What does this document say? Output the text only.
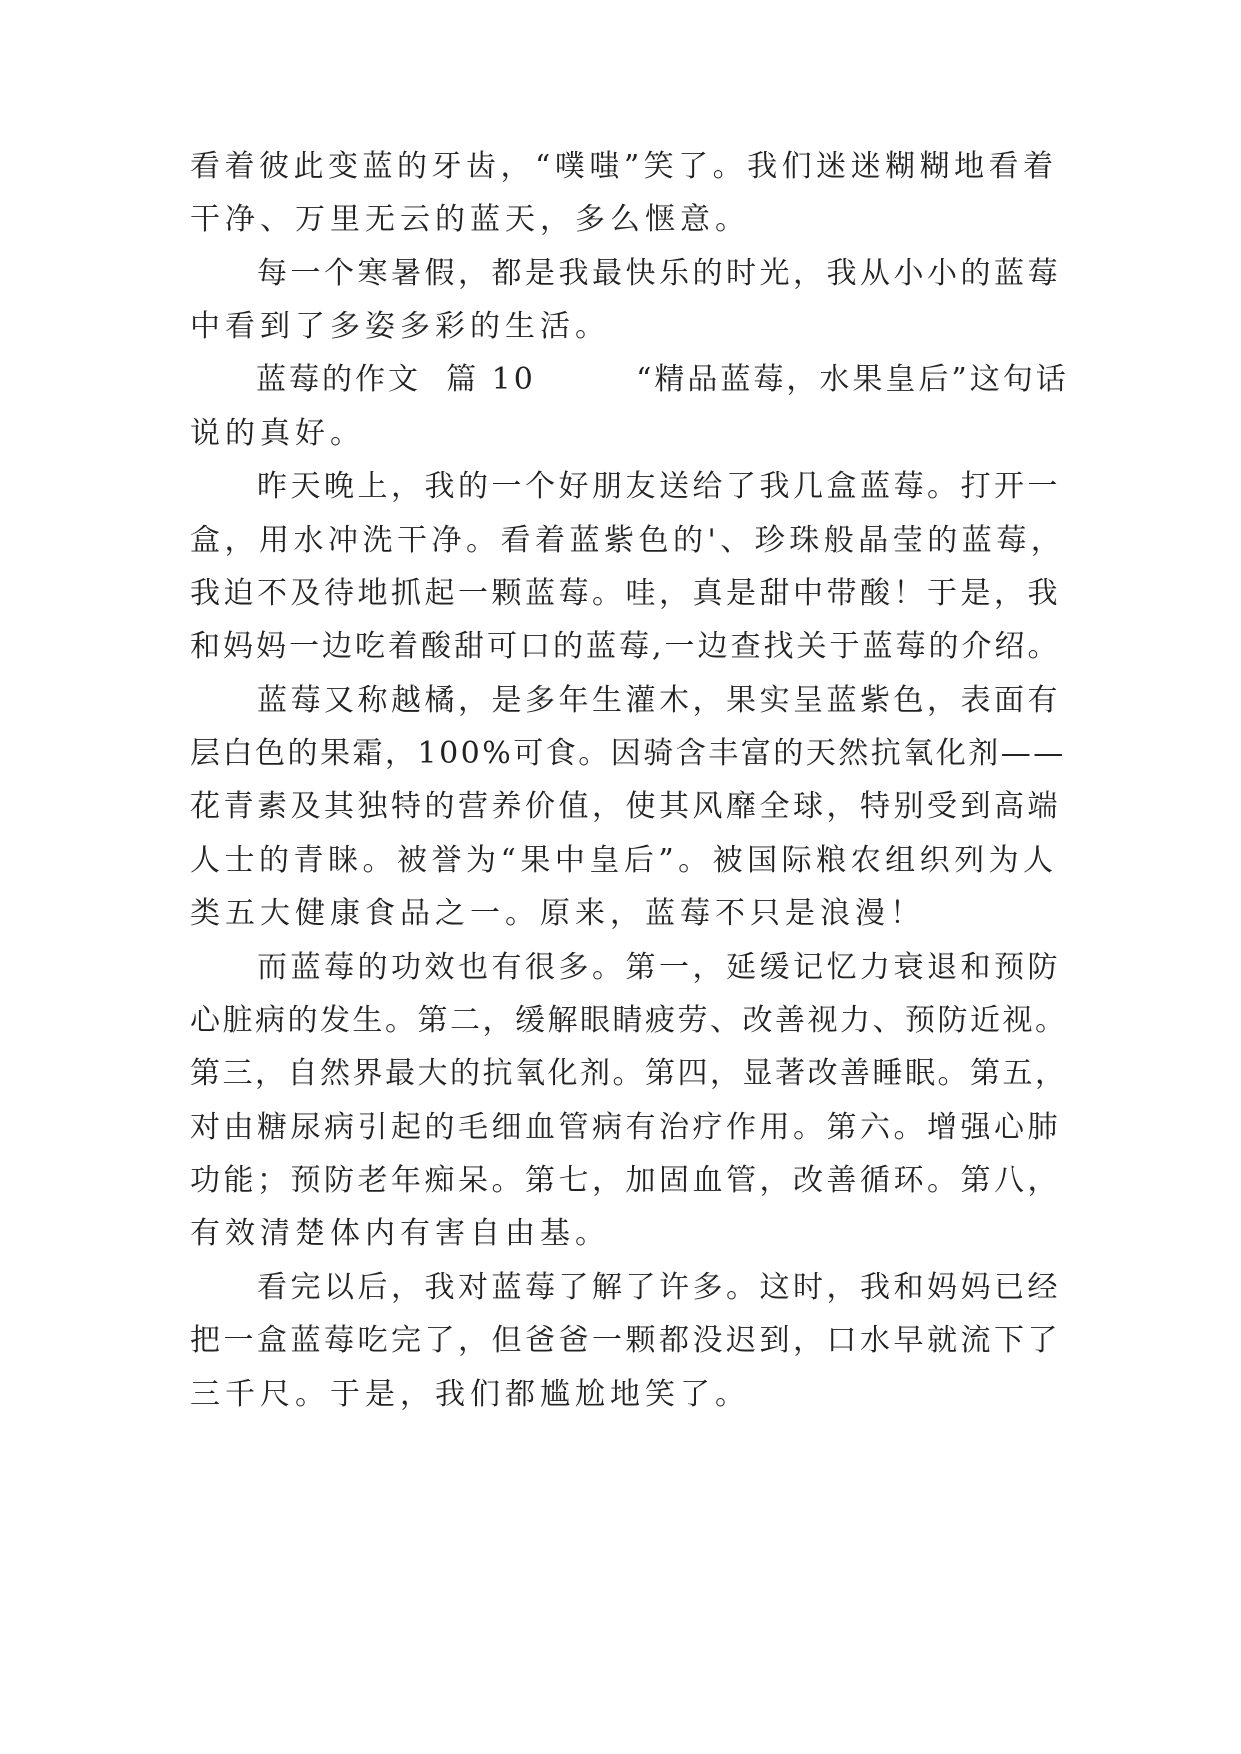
看着彼此变蓝的牙齿，“噗嗤”笑了。我们迷迷糊糊地看着
干净、万里无云的蓝天，多么惬意。
　　每一个寒暑假，都是我最快乐的时光，我从小小的蓝莓
中看到了多姿多彩的生活。
　　蓝莓的作文  篇 10        “精品蓝莓，水果皇后”这句话
说的真好。
　　昨天晚上，我的一个好朋友送给了我几盒蓝莓。打开一
盒，用水冲洗干净。看着蓝紫色的'、珍珠般晶莹的蓝莓，
我迫不及待地抓起一颗蓝莓。哇，真是甜中带酸！于是，我
和妈妈一边吃着酸甜可口的蓝莓,一边查找关于蓝莓的介绍。
　　蓝莓又称越橘，是多年生灌木，果实呈蓝紫色，表面有
层白色的果霜，100%可食。因骑含丰富的天然抗氧化剂——
花青素及其独特的营养价值，使其风靡全球，特别受到高端
人士的青睐。被誉为“果中皇后”。被国际粮农组织列为人
类五大健康食品之一。原来，蓝莓不只是浪漫！
　　而蓝莓的功效也有很多。第一，延缓记忆力衰退和预防
心脏病的发生。第二，缓解眼睛疲劳、改善视力、预防近视。
第三，自然界最大的抗氧化剂。第四，显著改善睡眠。第五，
对由糖尿病引起的毛细血管病有治疗作用。第六。增强心肺
功能；预防老年痴呆。第七，加固血管，改善循环。第八，
有效清楚体内有害自由基。
　　看完以后，我对蓝莓了解了许多。这时，我和妈妈已经
把一盒蓝莓吃完了，但爸爸一颗都没迟到，口水早就流下了
三千尺。于是，我们都尴尬地笑了。
